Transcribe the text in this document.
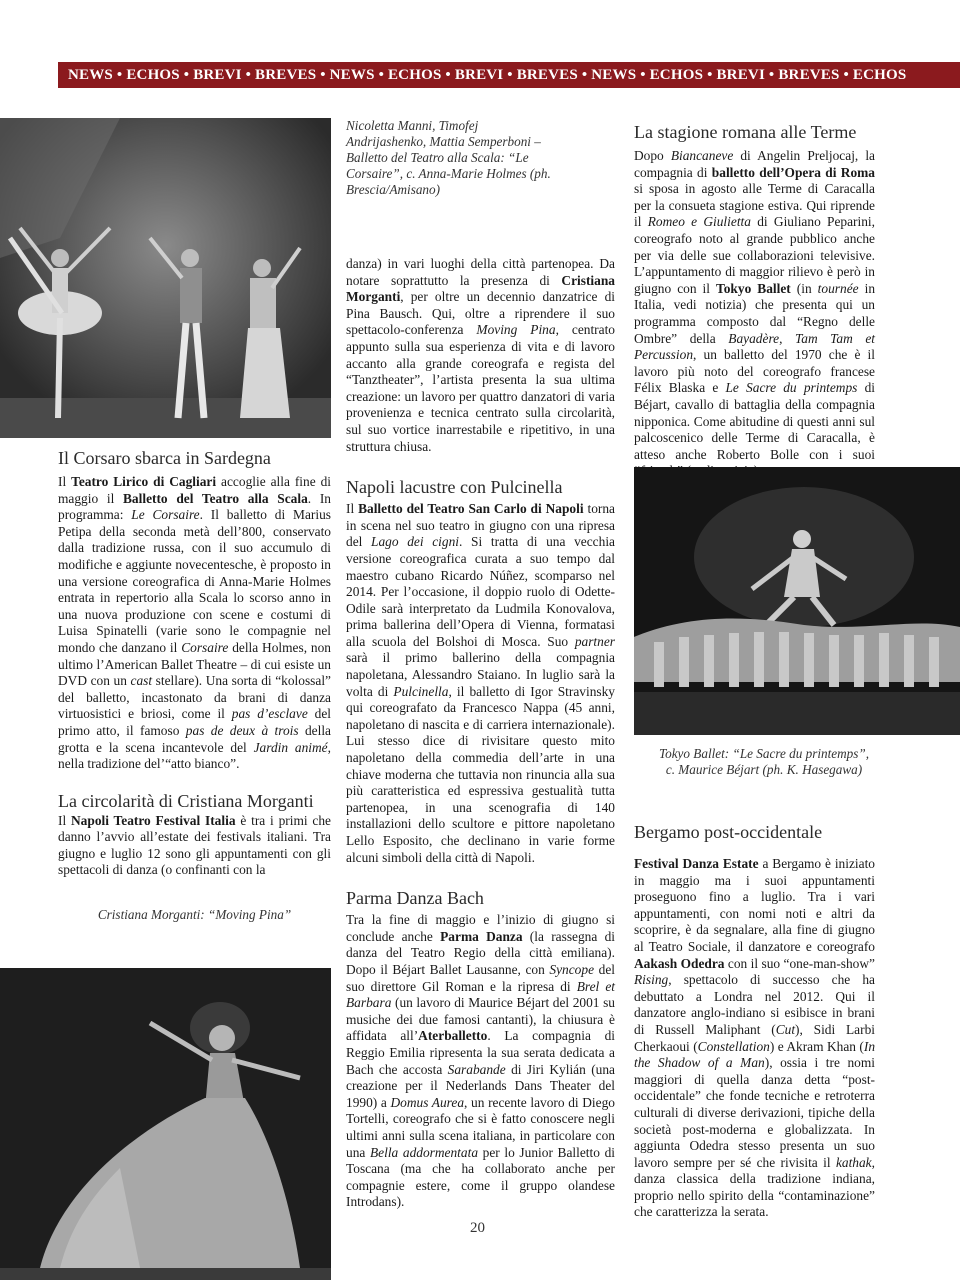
NEWS • ECHOS • BREVI • BREVES • NEWS • ECHOS • BREVI • BREVES • NEWS • ECHOS • BREVI • BREVES • ECHOS
Il Corsaro sbarca in Sardegna

Il Teatro Lirico di Cagliari accoglie alla fine di maggio il Balletto del Teatro alla Scala. In programma: Le Corsaire. Il balletto di Marius Petipa della seconda metà dell’800, conservato dalla tradizione russa, con il suo accumulo di modifiche e aggiunte novecentesche, è proposto in una versione coreografica di Anna-Marie Holmes entrata in repertorio alla Scala lo scorso anno in una nuova produzione con scene e costumi di Luisa Spinatelli (varie sono le compagnie nel mondo che danzano il Corsaire della Holmes, non ultimo l’American Ballet Theatre – di cui esiste un DVD con un cast stellare). Una sorta di “kolossal” del balletto, incastonato da brani di danza virtuosistici e briosi, come il pas d’esclave del primo atto, il famoso pas de deux à trois della grotta e la scena incantevole del Jardin animé, nella tradizione del’“atto bianco”.

La circolarità di Cristiana Morganti

Il Napoli Teatro Festival Italia è tra i primi che danno l’avvio all’estate dei festivals italiani. Tra giugno e luglio 12 sono gli appuntamenti con gli spettacoli di danza (o confinanti con la

Cristiana Morganti: “Moving Pina”
Nicoletta Manni, Timofej Andrijashenko, Mattia Semperboni – Balletto del Teatro alla Scala: “Le Corsaire”, c. Anna-Marie Holmes (ph. Brescia/Amisano)

danza) in vari luoghi della città partenopea. Da notare soprattutto la presenza di Cristiana Morganti, per oltre un decennio danzatrice di Pina Bausch. Qui, oltre a riprendere il suo spettacolo-conferenza Moving Pina, centrato appunto sulla sua esperienza di vita e di lavoro accanto alla grande coreografa e regista del “Tanztheater”, l’artista presenta la sua ultima creazione: un lavoro per quattro danzatori di varia provenienza e tecnica centrato sulla circolarità, sul suo vortice inarrestabile e ripetitivo, in una struttura chiusa.

Napoli lacustre con Pulcinella

Il Balletto del Teatro San Carlo di Napoli torna in scena nel suo teatro in giugno con una ripresa del Lago dei cigni. Si tratta di una vecchia versione coreografica curata a suo tempo dal maestro cubano Ricardo Núñez, scomparso nel 2014. Per l’occasione, il doppio ruolo di Odette-Odile sarà interpretato da Ludmila Konovalova, prima ballerina dell’Opera di Vienna, formatasi alla scuola del Bolshoi di Mosca. Suo partner sarà il primo ballerino della compagnia napoletana, Alessandro Staiano. In luglio sarà la volta di Pulcinella, il balletto di Igor Stravinsky qui coreografato da Francesco Nappa (45 anni, napoletano di nascita e di carriera internazionale). Lui stesso dice di rivisitare questo mito napoletano della commedia dell’arte in una chiave moderna che tuttavia non rinuncia alla sua più caratteristica ed espressiva gestualità tutta partenopea, in una scenografia di 140 installazioni dello scultore e pittore napoletano Lello Esposito, che declinano in varie forme alcuni simboli della città di Napoli.

Parma Danza Bach

Tra la fine di maggio e l’inizio di giugno si conclude anche Parma Danza (la rassegna di danza del Teatro Regio della città emiliana). Dopo il Béjart Ballet Lausanne, con Syncope del suo direttore Gil Roman e la ripresa di Brel et Barbara (un lavoro di Maurice Béjart del 2001 su musiche dei due famosi cantanti), la chiusura è affidata all’Aterballetto. La compagnia di Reggio Emilia ripresenta la sua serata dedicata a Bach che accosta Sarabande di Jiri Kylián (una creazione per il Nederlands Dans Theater del 1990) a Domus Aurea, un recente lavoro di Diego Tortelli, coreografo che si è fatto conoscere negli ultimi anni sulla scena italiana, in particolare con una Bella addormentata per lo Junior Balletto di Toscana (ma che ha collaborato anche per compagnie estere, come il gruppo olandese Introdans).

La stagione romana alle Terme

Dopo Biancaneve di Angelin Preljocaj, la compagnia di balletto dell’Opera di Roma si sposa in agosto alle Terme di Caracalla per la consueta stagione estiva. Qui riprende il Romeo e Giulietta di Giuliano Peparini, coreografo noto al grande pubblico anche per via delle sue collaborazioni televisive. L’appuntamento di maggior rilievo è però in giugno con il Tokyo Ballet (in tournée in Italia, vedi notizia) che presenta qui un programma composto dal “Regno delle Ombre” della Bayadère, Tam Tam et Percussion, un balletto del 1970 che è il lavoro più noto del coreografo francese Félix Blaska e Le Sacre du printemps di Béjart, cavallo di battaglia della compagnia nipponica. Come abitudine di questi anni sul palcoscenico delle Terme di Caracalla, è atteso anche Roberto Bolle con i suoi

Tokyo Ballet: “Le Sacre du printemps”,
c. Maurice Béjart (ph. K. Hasegawa)
Bergamo post-occidentale

Festival Danza Estate a Bergamo è iniziato in maggio ma i suoi appuntamenti proseguono fino a luglio. Tra i vari appuntamenti, con nomi noti e altri da scoprire, è da segnalare, alla fine di giugno al Teatro Sociale, il danzatore e coreografo Aakash Odedra con il suo “one-man-show” Rising, spettacolo di successo che ha debuttato a Londra nel 2012. Qui il danzatore anglo-indiano si esibisce in brani di Russell Maliphant (Cut), Sidi Larbi Cherkaoui (Constellation) e Akram Khan (In the Shadow of a Man), ossia i tre nomi maggiori di quella danza detta “post-occidentale” che fonde tecniche e retroterra culturali di diverse derivazioni, tipiche della società post-moderna e globalizzata. In aggiunta Odedra stesso presenta un suo lavoro sempre per sé che rivisita il kathak, danza classica della tradizione indiana, proprio nello spirito della “contaminazione” che caratterizza la serata.

20
